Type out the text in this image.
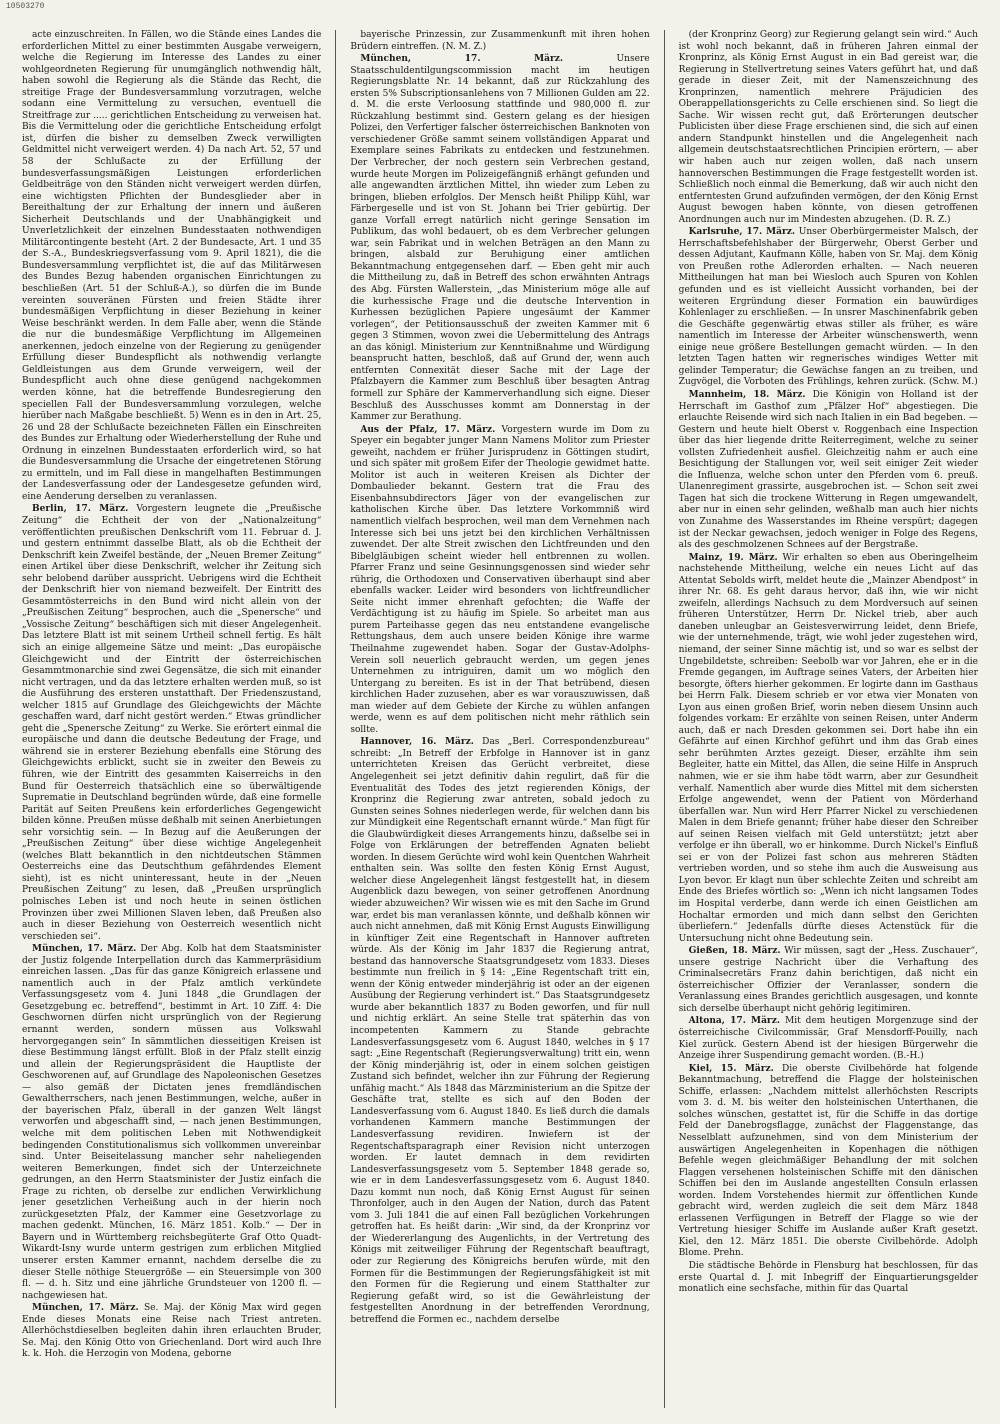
10503270

acte einzuschreiten. In Fällen, wo die Stände eines Landes die erforderlichen Mittel zu einer bestimmten Ausgabe verweigern, welche die Regierung im Interesse des Landes zu einer wohlgeordneten Regierung für unumgänglich nothwendig hält, haben sowohl die Regierung als die Stände das Recht, die streitige Frage der Bundesversammlung vorzutragen, welche sodann eine Vermittelung zu versuchen, eventuell die Streitfrage zur ..... gerichtlichen Entscheidung zu verweisen hat. Bis die Vermittelung oder die gerichtliche Entscheidung erfolgt ist, dürfen die bisher zu demselben Zweck verwilligten Geldmittel nicht verweigert werden. 4) Da nach Art. 52, 57 und 58 der Schlußacte zu der Erfüllung der bundesverfassungsmäßigen Leistungen erforderlichen Geldbeiträge von den Ständen nicht verweigert werden dürfen, eine wichtigsten Pflichten der Bundesglieder aber in Bereithaltung der zur Erhaltung der innern und äußeren Sicherheit Deutschlands und der Unabhängigkeit und Unverletzlichkeit der einzelnen Bundesstaaten nothwendigen Militärcontingente besteht (Art. 2 der Bundesacte, Art. 1 und 35 der S.-A., Bundeskriegsverfassung vom 9. April 1821), die die Bundesversammlung verpflichtet ist, die auf das Militärwesen des Bundes Bezug habenden organischen Einrichtungen zu beschließen (Art. 51 der Schluß-A.), so dürfen die im Bunde vereinten souveränen Fürsten und freien Städte ihrer bundesmäßigen Verpflichtung in dieser Beziehung in keiner Weise beschränkt werden. In dem Falle aber, wenn die Stände die nur die bundesmäßige Verpflichtung im Allgemeinen anerkennen, jedoch einzelne von der Regierung zu genügender Erfüllung dieser Bundespflicht als nothwendig verlangte Geldleistungen aus dem Grunde verweigern, weil der Bundespflicht auch ohne diese genügend nachgekommen werden könne, hat die betreffende Bundesregierung den speciellen Fall der Bundesversammlung vorzulegen, welche hierüber nach Maßgabe beschließt. 5) Wenn es in den in Art. 25, 26 und 28 der Schlußacte bezeichneten Fällen ein Einschreiten des Bundes zur Erhaltung oder Wiederherstellung der Ruhe und Ordnung in einzelnen Bundesstaaten erforderlich wird, so hat die Bundesversammlung die Ursache der eingetretenen Störung zu ermitteln, und im Fall diese in mangelhaften Bestimmungen der Landesverfassung oder der Landesgesetze gefunden wird, eine Aenderung derselben zu veranlassen.

Berlin, 17. März. Vorgestern leugnete die „Preußische Zeitung“ die Echtheit der von der „Nationalzeitung“ veröffentlichten preußischen Denkschrift vom 11. Februar d. J. und gestern entnimmt dasselbe Blatt, als ob die Echtheit der Denkschrift kein Zweifel bestände, der „Neuen Bremer Zeitung“ einen Artikel über diese Denkschrift, welcher ihr Zeitung sich sehr belobend darüber ausspricht. Uebrigens wird die Echtheit der Denkschrift hier von niemand bezweifelt. Der Eintritt des Gesammtösterreichs in den Bund wird nicht allein von der „Preußischen Zeitung“ besprochen, auch die „Spenersche“ und „Vossische Zeitung“ beschäftigen sich mit dieser Angelegenheit. Das letztere Blatt ist mit seinem Urtheil schnell fertig. Es hält sich an einige allgemeine Sätze und meint: „Das europäische Gleichgewicht und der Eintritt der österreichischen Gesammtmonarchie sind zwei Gegensätze, die sich mit einander nicht vertragen, und da das letztere erhalten werden muß, so ist die Ausführung des ersteren unstatthaft. Der Friedenszustand, welcher 1815 auf Grundlage des Gleichgewichts der Mächte geschaffen ward, darf nicht gestört werden.“ Etwas gründlicher geht die „Spenersche Zeitung“ zu Werke. Sie erörtert einmal die europäische und dann die deutsche Bedeutung der Frage, und während sie in ersterer Beziehung ebenfalls eine Störung des Gleichgewichts erblickt, sucht sie in zweiter den Beweis zu führen, wie der Eintritt des gesammten Kaiserreichs in den Bund für Oesterreich thatsächlich eine so überwältigende Suprematie in Deutschland begründen würde, daß eine formelle Parität auf Seiten Preußens kein erforderliches Gegengewicht bilden könne. Preußen müsse deßhalb mit seinen Anerbietungen sehr vorsichtig sein. — In Bezug auf die Aeußerungen der „Preußischen Zeitung“ über diese wichtige Angelegenheit (welches Blatt bekanntlich in den nichtdeutschen Stämmen Oesterreichs eine das Deutschthum gefährdendes Element sieht), ist es nicht uninteressant, heute in der „Neuen Preußischen Zeitung“ zu lesen, daß „Preußen ursprünglich polnisches Leben ist und noch heute in seinen östlichen Provinzen über zwei Millionen Slaven leben, daß Preußen also auch in dieser Beziehung von Oesterreich wesentlich nicht verschieden sei“.

München, 17. März. Der Abg. Kolb hat dem Staatsminister der Justiz folgende Interpellation durch das Kammerpräsidium einreichen lassen. „Das für das ganze Königreich erlassene und namentlich auch in der Pfalz amtlich verkündete Verfassungsgesetz vom 4. Juni 1848 „die Grundlagen der Gesetzgebung ec. betreffend“, bestimmt in Art. 10 Ziff. 4: Die Geschwornen dürfen nicht ursprünglich von der Regierung ernannt werden, sondern müssen aus Volkswahl hervorgegangen sein“ In sämmtlichen diesseitigen Kreisen ist diese Bestimmung längst erfüllt. Bloß in der Pfalz stellt einzig und allein der Regierungspräsident die Hauptliste der Geschworenen auf, auf Grundlage des Napoleonischen Gesetzes — also gemäß der Dictaten jenes fremdländischen Gewaltherrschers, nach jenen Bestimmungen, welche, außer in der bayerischen Pfalz, überall in der ganzen Welt längst verworfen und abgeschafft sind, — nach jenen Bestimmungen, welche mit dem politischen Leben mit Nothwendigkeit bedingenden Constitutionalismus sich vollkommen unvereinbar sind. Unter Beiseitelassung mancher sehr naheliegenden weiteren Bemerkungen, findet sich der Unterzeichnete gedrungen, an den Herrn Staatsminister der Justiz einfach die Frage zu richten, ob derselbe zur endlichen Verwirklichung jener gesetzlichen Verheißung auch in der hierin noch zurückgesetzten Pfalz, der Kammer eine Gesetzvorlage zu machen gedenkt. München, 16. März 1851. Kolb.“ — Der in Bayern und in Württemberg reichsbegüterte Graf Otto Quadt-Wikardt-Isny wurde unterm gestrigen zum erblichen Mitglied unserer ersten Kammer ernannt, nachdem derselbe die zu dieser Stelle nöthige Steuergröße — ein Steuersimple von 300 fl. — d. h. Sitz und eine jährliche Grundsteuer von 1200 fl. — nachgewiesen hat.

München, 17. März. Se. Maj. der König Max wird gegen Ende dieses Monats eine Reise nach Triest antreten. Allerhöchstdieselben begleiten dahin ihren erlauchten Bruder, Se. Maj. den König Otto von Griechenland. Dort wird auch Ihre k. k. Hoh. die Herzogin von Modena, geborne

bayerische Prinzessin, zur Zusammenkunft mit ihren hohen Brüdern eintreffen. (N. M. Z.)

München, 17. März.	Unsere Staatsschuldentilgungscommission macht im heutigen Regierungsblatte Nr. 14 bekannt, daß zur Rückzahlung des ersten 5% Subscriptionsanlehens von 7 Millionen Gulden am 22. d. M. die erste Verloosung stattfinde und 980,000 fl. zur Rückzahlung bestimmt sind. Gestern gelang es der hiesigen Polizei, den Verfertiger falscher österreichischen Banknoten von verschiedener Größe sammt seinem vollständigen Apparat und Exemplare seines Fabrikats zu entdecken und festzunehmen. Der Verbrecher, der noch gestern sein Verbrechen gestand, wurde heute Morgen im Polizeigefängniß erhängt gefunden und alle angewandten ärztlichen Mittel, ihn wieder zum Leben zu bringen, blieben erfolglos. Der Mensch heißt Philipp Kühl, war Färbergeselle und ist von St. Johann bei Trier gebürtig. Der ganze Vorfall erregt natürlich nicht geringe Sensation im Publikum, das wohl bedauert, ob es dem Verbrecher gelungen war, sein Fabrikat und in welchen Beträgen an den Mann zu bringen, alsbald zur Beruhigung einer amtlichen Bekanntmachung entgegensehen darf. — Eben geht mir auch die Mittheilung zu, daß in Betreff des schon erwähnten Antrags des Abg. Fürsten Wallerstein, „das Ministerium möge alle auf die kurhessische Frage und die deutsche Intervention in Kurhessen bezüglichen Papiere ungesäumt der Kammer vorlegen“, der Petitionsausschuß der zweiten Kammer mit 6 gegen 3 Stimmen, wovon zwei die Uebermittelung des Antrags an das königl. Ministerium zur Kenntnißnahme und Würdigung beansprucht hatten, beschloß, daß auf Grund der, wenn auch entfernten Connexität dieser Sache mit der Lage der Pfalzbayern die Kammer zum Beschluß über besagten Antrag formell zur Sphäre der Kammerverhandlung sich eigne. Dieser Beschluß des Ausschusses kommt am Donnerstag in der Kammer zur Berathung.

Aus der Pfalz, 17. März. Vorgestern wurde im Dom zu Speyer ein begabter junger Mann Namens Molitor zum Priester geweiht, nachdem er früher Jurisprudenz in Göttingen studirt, und sich später mit großem Eifer der Theologie gewidmet hatte. Molitor ist auch in weiteren Kreisen als Dichter der Dombaulieder bekannt. Gestern trat die Frau des Eisenbahnsubdirectors Jäger von der evangelischen zur katholischen Kirche über. Das letztere Vorkommniß wird namentlich vielfach besprochen, weil man dem Vernehmen nach Interesse sich bei uns jetzt bei den kirchlichen Verhältnissen zuwendet. Der alte Streit zwischen den Lichtfreunden und den Bibelgläubigen scheint wieder hell entbrennen zu wollen. Pfarrer Franz und seine Gesinnungsgenossen sind wieder sehr rührig, die Orthodoxen und Conservativen überhaupt sind aber ebenfalls wacker. Leider wird besonders von lichtfreundlicher Seite nicht immer ehrenhaft gefochten; die Waffe der Verdächtigung ist zu häufig im Spiele. So arbeitet man aus purem Parteihasse gegen das neu entstandene evangelische Rettungshaus, dem auch unsere beiden Könige ihre warme Theilnahme zugewendet haben. Sogar der Gustav-Adolphs-Verein soll neuerlich gebraucht werden, um gegen jenes Unternehmen zu intriguiren, damit um wo möglich den Untergang zu bereiten. Es ist in der That betrübend, diesen kirchlichen Hader zuzusehen, aber es war vorauszuwissen, daß man wieder auf dem Gebiete der Kirche zu wühlen anfangen werde, wenn es auf dem politischen nicht mehr räthlich sein sollte.

Hannover, 16. März. Das „Berl. Correspondenzbureau“ schreibt: „In Betreff der Erbfolge in Hannover ist in ganz unterrichteten Kreisen das Gerücht verbreitet, diese Angelegenheit sei jetzt definitiv dahin regulirt, daß für die Eventualität des Todes des jetzt regierenden Königs, der Kronprinz die Regierung zwar antreten, sobald jedoch zu Gunsten seines Sohnes niederlegen werde, für welchen dann bis zur Mündigkeit eine Regentschaft ernannt würde.“ Man fügt für die Glaubwürdigkeit dieses Arrangements hinzu, daßselbe sei in Folge von Erklärungen der betreffenden Agnaten beliebt worden. In diesem Gerüchte wird wohl kein Quentchen Wahrheit enthalten sein. Was sollte den festen König Ernst August, welcher diese Angelegenheit längst festgestellt hat, in diesem Augenblick dazu bewegen, von seiner getroffenen Anordnung wieder abzuweichen? Wir wissen wie es mit den Sache im Grund war, erdet bis man veranlassen könnte, und deßhalb können wir auch nicht annehmen, daß mit König Ernst Augusts Einwilligung in künftiger Zeit eine Regentschaft in Hannover auftreten würde. Als der König im Jahr 1837 die Regierung antrat, bestand das hannoversche Staatsgrundgesetz vom 1833. Dieses bestimmte nun freilich in § 14: „Eine Regentschaft tritt ein, wenn der König entweder minderjährig ist oder an der eigenen Ausübung der Regierung verhindert ist.“ Das Staatsgrundgesetz wurde aber bekanntlich 1837 zu Boden geworfen, und für null und nichtig erklärt. An seine Stelle trat späterhin das von incompetenten Kammern zu Stande gebrachte Landesverfassungsgesetz vom 6. August 1840, welches in § 17 sagt: „Eine Regentschaft (Regierungsverwaltung) tritt ein, wenn der König minderjährig ist, oder in einem solchen geistigen Zustand sich befindet, welcher ihn zur Führung der Regierung unfähig macht.“ Als 1848 das Märzministerium an die Spitze der Geschäfte trat, stellte es sich auf den Boden der Landesverfassung vom 6. August 1840. Es ließ durch die damals vorhandenen Kammern manche Bestimmungen der Landesverfassung revidiren. Inwiefern ist der Regentschaftsparagraph einer Revision nicht unterzogen worden. Er lautet demnach in dem revidirten Landesverfassungsgesetz vom 5. September 1848 gerade so, wie er in dem Landesverfassungsgesetz vom 6. August 1840. Dazu kommt nun noch, daß König Ernst August für seinen Thronfolger, auch in den Augen der Nation, durch das Patent vom 3. Juli 1841 die auf einen Fall bezüglichen Vorkehrungen getroffen hat. Es heißt darin: „Wir sind, da der Kronprinz vor der Wiedererlangung des Augenlichts, in der Vertretung des Königs mit zeitweiliger Führung der Regentschaft beauftragt, oder zur Regierung des Königreichs berufen würde, mit den Formen für die Bestimmungen der Regierungsfähigkeit ist mit den Formen für die Regierung und einem Statthalter zur Regierung gefaßt wird, so ist die Gewährleistung der festgestellten Anordnung in der betreffenden Verordnung, betreffend die Formen ec., nachdem derselbe

(der Kronprinz Georg) zur Regierung gelangt sein wird.“ Auch ist wohl noch bekannt, daß in früheren Jahren einmal der Kronprinz, als König Ernst August in ein Bad gereist war, die Regierung in Stellvertretung seines Vaters geführt hat, und daß gerade in dieser Zeit, mit der Namenszeichnung des Kronprinzen, namentlich mehrere Präjudicien des Oberappellationsgerichts zu Celle erschienen sind. So liegt die Sache. Wir wissen recht gut, daß Erörterungen deutscher Publicisten über diese Frage erschienen sind, die sich auf einen andern Standpunkt hinstellen und die Angelegenheit nach allgemein deutschstaatsrechtlichen Principien erörtern, — aber wir haben auch nur zeigen wollen, daß nach unsern hannoverschen Bestimmungen die Frage festgestellt worden ist. Schließlich noch einmal die Bemerkung, daß wir auch nicht den entferntesten Grund aufzufinden vermögen, der den König Ernst August bewogen haben könnte, von diesen getroffenen Anordnungen auch nur im Mindesten abzugehen. (D. R. Z.)

Karlsruhe, 17. März. Unser Oberbürgermeister Malsch, der Herrschaftsbefehlshaber der Bürgerwehr, Oberst Gerber und dessen Adjutant, Kaufmann Kölle, haben von Sr. Maj. dem König von Preußen rothe Adlerorden erhalten. — Nach neueren Mittheilungen hat man bei Wiesloch auch Spuren von Kohlen gefunden und es ist vielleicht Aussicht vorhanden, bei der weiteren Ergründung dieser Formation ein bauwürdiges Kohlenlager zu erschließen. — In unsrer Maschinenfabrik geben die Geschäfte gegenwärtig etwas stiller als früher, es wäre namentlich im Interesse der Arbeiter wünschenswerth, wenn einige neue größere Bestellungen gemacht würden. — In den letzten Tagen hatten wir regnerisches windiges Wetter mit gelinder Temperatur; die Gewächse fangen an zu treiben, und Zugvögel, die Vorboten des Frühlings, kehren zurück. (Schw. M.)

Mannheim, 18. März. Die Königin von Holland ist der Herrschaft im Gasthof zum „Pfälzer Hof“ abgestiegen. Die erlauchte Reisende wird sich nach Italien in ein Bad begeben. — Gestern und heute hielt Oberst v. Roggenbach eine Inspection über das hier liegende dritte Reiterregiment, welche zu seiner vollsten Zufriedenheit ausfiel. Gleichzeitig nahm er auch eine Besichtigung der Stallungen vor, weil seit einiger Zeit wieder die Influenza, welche schon unter den Pferden vom 6. preuß. Ulanenregiment grassirte, ausgebrochen ist. — Schon seit zwei Tagen hat sich die trockene Witterung in Regen umgewandelt, aber nur in einen sehr gelinden, weßhalb man auch hier nichts von Zunahme des Wasserstandes im Rheine verspürt; dagegen ist der Neckar gewachsen, jedoch weniger in Folge des Regens, als des geschmolzenen Schnees auf der Bergstraße.

Mainz, 19. März. Wir erhalten so eben aus Oberingelheim nachstehende Mittheilung, welche ein neues Licht auf das Attentat Sebolds wirft, meldet heute die „Mainzer Abendpost“ in ihrer Nr. 68. Es geht daraus hervor, daß ihn, wie wir nicht zweifeln, allerdings Nachsuch zu dem Mordversuch auf seinen früheren Unterstützer, Herrn Dr. Nickel trieb, aber auch daneben unleugbar an Geistesverwirrung leidet, denn Briefe, wie der unternehmende, trägt, wie wohl jeder zugestehen wird, niemand, der seiner Sinne mächtig ist, und so war es selbst der Ungebildetste, schreiben: Seebolb war vor Jahren, ehe er in die Fremde gegangen, im Auftrage seines Vaters, der Arbeiten hier besorgte, öfters hierher gekommen. Er logirte dann im Gasthaus bei Herrn Falk. Diesem schrieb er vor etwa vier Monaten von Lyon aus einen großen Brief, worin neben diesem Unsinn auch folgendes vorkam: Er erzählte von seinen Reisen, unter Anderm auch, daß er nach Dresden gekommen sei. Dort habe ihn ein Gefährte auf einen Kirchhof geführt und ihm das Grab eines sehr berühmten Arztes gezeigt. Dieser, erzählte ihm sein Begleiter, hatte ein Mittel, das Allen, die seine Hilfe in Anspruch nahmen, wie er sie ihm habe tödt warrn, aber zur Gesundheit verhalf. Namentlich aber wurde dies Mittel mit dem sichersten Erfolge angewendet, wenn der Patient von Mörderhand überfallen war. Nun wird Herr Pfarrer Nickel zu verschiedenen Malen in dem Briefe genannt; früher habe dieser den Schreiber auf seinen Reisen vielfach mit Geld unterstützt; jetzt aber verfolge er ihn überall, wo er hinkomme. Durch Nickel's Einfluß sei er von der Polizei fast schon aus mehreren Städten vertrieben worden, und so stehe ihm auch die Ausweisung aus Lyon bevor. Er klagt nun über schlechte Zeiten und schreibt am Ende des Briefes wörtlich so: „Wenn ich nicht langsamen Todes im Hospital verderbe, dann werde ich einen Geistlichen am Hochaltar ermorden und mich dann selbst den Gerichten überliefern.“ Jedenfalls dürfte dieses Actenstück für die Untersuchung nicht ohne Bedeutung sein.

Gießen, 18. März. Wir müssen, sagt der „Hess. Zuschauer“, unsere gestrige Nachricht über die Verhaftung des Criminalsecretärs Franz dahin berichtigen, daß nicht ein österreichischer Offizier der Veranlasser, sondern die Veranlassung eines Brandes gerichtlich ausgesagen, und konnte sich derselbe überhaupt nicht gehörig legitimiren.

Altona, 17. März. Mit dem heutigen Morgenzuge sind der österreichische Civilcommissär, Graf Mensdorff-Pouilly, nach Kiel zurück. Gestern Abend ist der hiesigen Bürgerwehr die Anzeige ihrer Suspendirung gemacht worden. (B.-H.)

Kiel, 15. März. Die oberste Civilbehörde hat folgende Bekanntmachung, betreffend die Flagge der holsteinischen Schiffe, erlassen: „Nachdem mittelst allerhöchsten Rescripts vom 3. d. M. bis weiter den holsteinischen Unterthanen, die solches wünschen, gestattet ist, für die Schiffe in das dortige Feld der Danebrogsflagge, zunächst der Flaggenstange, das Nesselblatt aufzunehmen, sind von dem Ministerium der auswärtigen Angelegenheiten in Kopenhagen die nöthigen Befehle wegen gleichmäßiger Behandlung der mit solchen Flaggen versehenen holsteinischen Schiffe mit den dänischen Schiffen bei den im Auslande angestellten Consuln erlassen worden. Indem Vorstehendes hiermit zur öffentlichen Kunde gebracht wird, werden zugleich die seit dem März 1848 erlassenen Verfügungen in Betreff der Flagge so wie der Vertretung hiesiger Schiffe im Auslande außer Kraft gesetzt. Kiel, den 12. März 1851. Die oberste Civilbehörde. Adolph Blome. Prehn.

Die städtische Behörde in Flensburg hat beschlossen, für das erste Quartal d. J. mit Inbegriff der Einquartierungsgelder monatlich eine sechsfache, mithin für das Quartal
